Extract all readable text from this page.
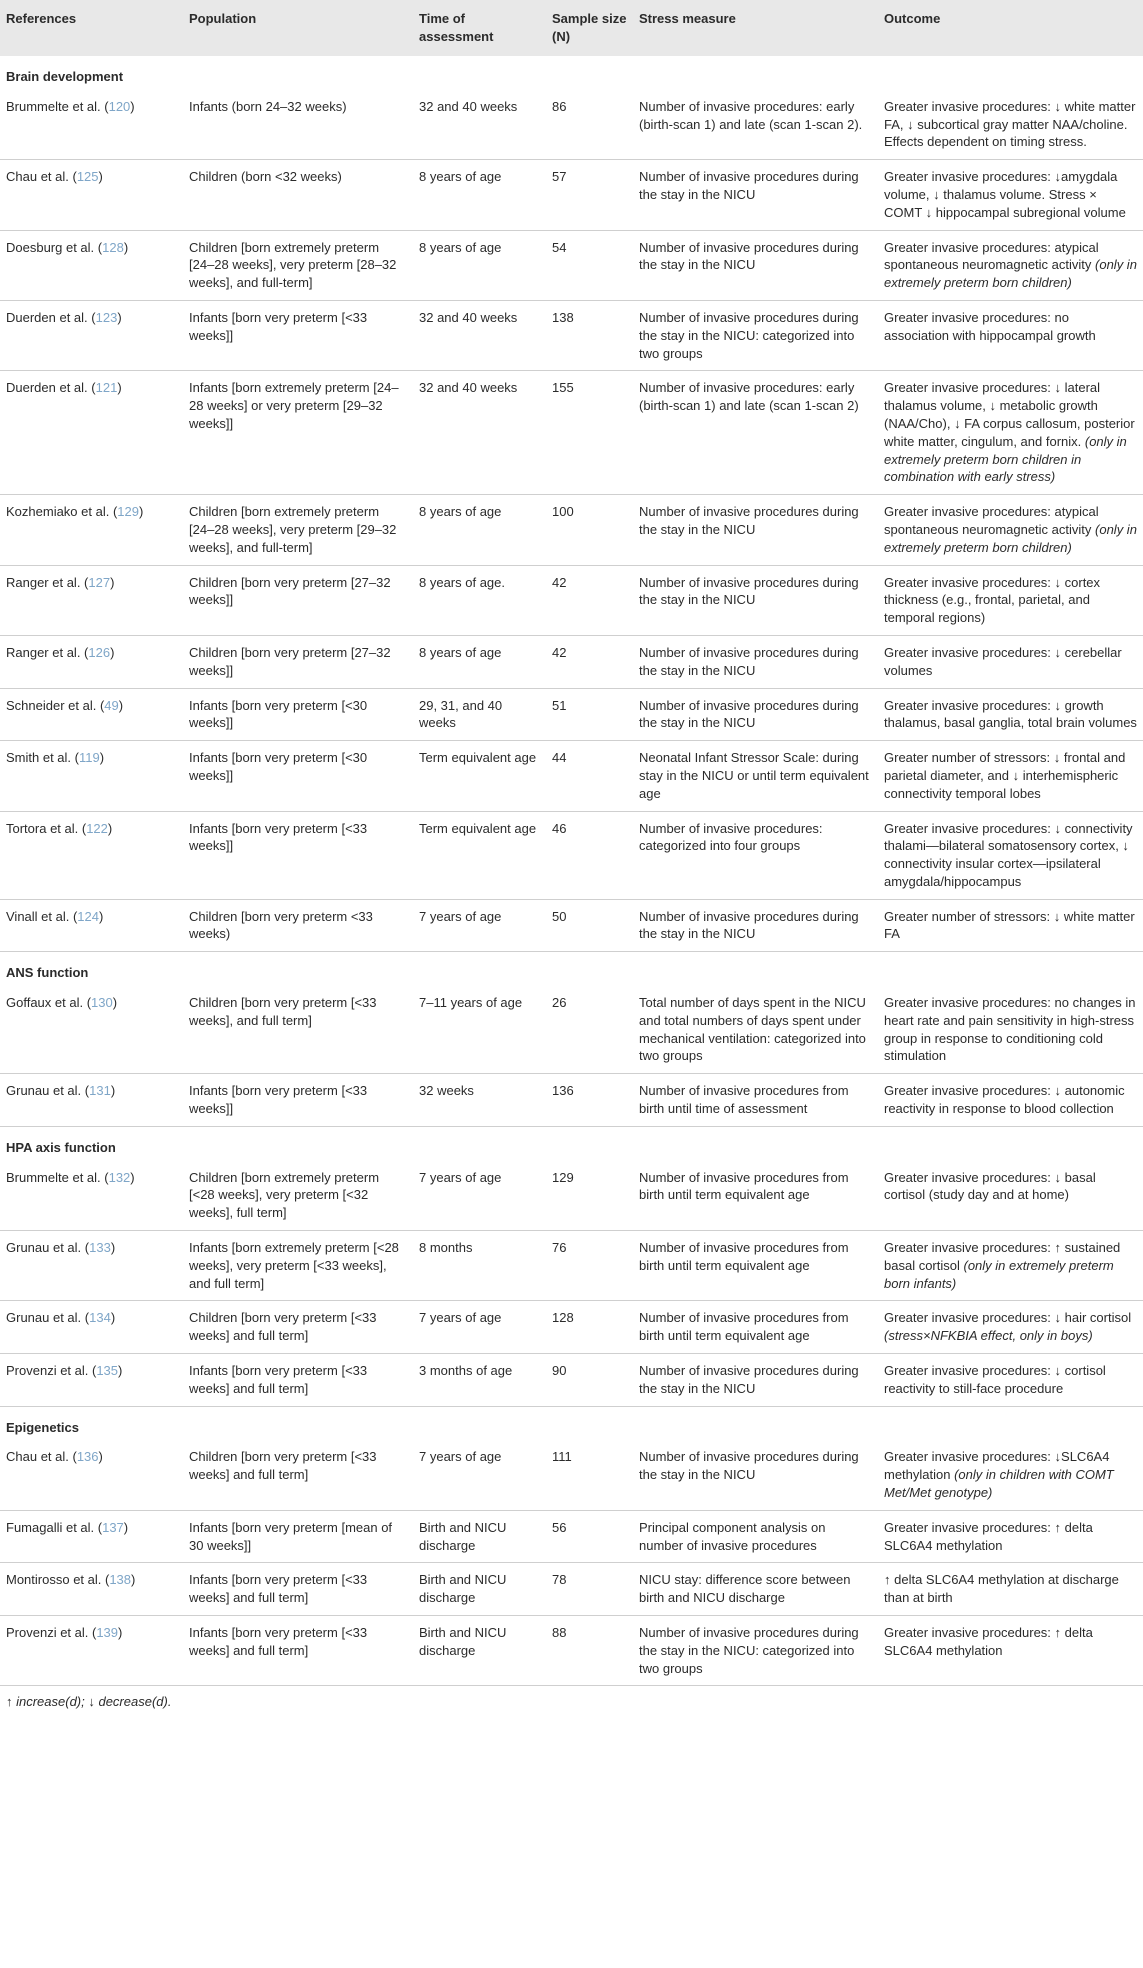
References	Population	Time of assessment	Sample size (N)	Stress measure	Outcome
Brain development					
Brummelte et al. (120)	Infants (born 24–32 weeks)	32 and 40 weeks	86	Number of invasive procedures: early (birth-scan 1) and late (scan 1-scan 2).	Greater invasive procedures: ↓ white matter FA, ↓ subcortical gray matter NAA/choline. Effects dependent on timing stress.
Chau et al. (125)	Children (born <32 weeks)	8 years of age	57	Number of invasive procedures during the stay in the NICU	Greater invasive procedures: ↓amygdala volume, ↓ thalamus volume. Stress × COMT ↓ hippocampal subregional volume
Doesburg et al. (128)	Children [born extremely preterm [24–28 weeks], very preterm [28–32 weeks], and full-term]	8 years of age	54	Number of invasive procedures during the stay in the NICU	Greater invasive procedures: atypical spontaneous neuromagnetic activity (only in extremely preterm born children)
Duerden et al. (123)	Infants [born very preterm [<33 weeks]]	32 and 40 weeks	138	Number of invasive procedures during the stay in the NICU: categorized into two groups	Greater invasive procedures: no association with hippocampal growth
Duerden et al. (121)	Infants [born extremely preterm [24–28 weeks] or very preterm [29–32 weeks]]	32 and 40 weeks	155	Number of invasive procedures: early (birth-scan 1) and late (scan 1-scan 2)	Greater invasive procedures: ↓ lateral thalamus volume, ↓ metabolic growth (NAA/Cho), ↓ FA corpus callosum, posterior white matter, cingulum, and fornix. (only in extremely preterm born children in combination with early stress)
Kozhemiako et al. (129)	Children [born extremely preterm [24–28 weeks], very preterm [29–32 weeks], and full-term]	8 years of age	100	Number of invasive procedures during the stay in the NICU	Greater invasive procedures: atypical spontaneous neuromagnetic activity (only in extremely preterm born children)
Ranger et al. (127)	Children [born very preterm [27–32 weeks]]	8 years of age.	42	Number of invasive procedures during the stay in the NICU	Greater invasive procedures: ↓ cortex thickness (e.g., frontal, parietal, and temporal regions)
Ranger et al. (126)	Children [born very preterm [27–32 weeks]]	8 years of age	42	Number of invasive procedures during the stay in the NICU	Greater invasive procedures: ↓ cerebellar volumes
Schneider et al. (49)	Infants [born very preterm [<30 weeks]]	29, 31, and 40 weeks	51	Number of invasive procedures during the stay in the NICU	Greater invasive procedures: ↓ growth thalamus, basal ganglia, total brain volumes
Smith et al. (119)	Infants [born very preterm [<30 weeks]]	Term equivalent age	44	Neonatal Infant Stressor Scale: during stay in the NICU or until term equivalent age	Greater number of stressors: ↓ frontal and parietal diameter, and ↓ interhemispheric connectivity temporal lobes
Tortora et al. (122)	Infants [born very preterm [<33 weeks]]	Term equivalent age	46	Number of invasive procedures: categorized into four groups	Greater invasive procedures: ↓ connectivity thalami—bilateral somatosensory cortex, ↓ connectivity insular cortex—ipsilateral amygdala/hippocampus
Vinall et al. (124)	Children [born very preterm <33 weeks)	7 years of age	50	Number of invasive procedures during the stay in the NICU	Greater number of stressors: ↓ white matter FA
ANS function					
Goffaux et al. (130)	Children [born very preterm [<33 weeks], and full term]	7–11 years of age	26	Total number of days spent in the NICU and total numbers of days spent under mechanical ventilation: categorized into two groups	Greater invasive procedures: no changes in heart rate and pain sensitivity in high-stress group in response to conditioning cold stimulation
Grunau et al. (131)	Infants [born very preterm [<33 weeks]]	32 weeks	136	Number of invasive procedures from birth until time of assessment	Greater invasive procedures: ↓ autonomic reactivity in response to blood collection
HPA axis function					
Brummelte et al. (132)	Children [born extremely preterm [<28 weeks], very preterm [<32 weeks], full term]	7 years of age	129	Number of invasive procedures from birth until term equivalent age	Greater invasive procedures: ↓ basal cortisol (study day and at home)
Grunau et al. (133)	Infants [born extremely preterm [<28 weeks], very preterm [<33 weeks], and full term]	8 months	76	Number of invasive procedures from birth until term equivalent age	Greater invasive procedures: ↑ sustained basal cortisol (only in extremely preterm born infants)
Grunau et al. (134)	Children [born very preterm [<33 weeks] and full term]	7 years of age	128	Number of invasive procedures from birth until term equivalent age	Greater invasive procedures: ↓ hair cortisol (stress×NFKBIA effect, only in boys)
Provenzi et al. (135)	Infants [born very preterm [<33 weeks] and full term]	3 months of age	90	Number of invasive procedures during the stay in the NICU	Greater invasive procedures: ↓ cortisol reactivity to still-face procedure
Epigenetics					
Chau et al. (136)	Children [born very preterm [<33 weeks] and full term]	7 years of age	111	Number of invasive procedures during the stay in the NICU	Greater invasive procedures: ↓SLC6A4 methylation (only in children with COMT Met/Met genotype)
Fumagalli et al. (137)	Infants [born very preterm [mean of 30 weeks]]	Birth and NICU discharge	56	Principal component analysis on number of invasive procedures	Greater invasive procedures: ↑ delta SLC6A4 methylation
Montirosso et al. (138)	Infants [born very preterm [<33 weeks] and full term]	Birth and NICU discharge	78	NICU stay: difference score between birth and NICU discharge	↑ delta SLC6A4 methylation at discharge than at birth
Provenzi et al. (139)	Infants [born very preterm [<33 weeks] and full term]	Birth and NICU discharge	88	Number of invasive procedures during the stay in the NICU: categorized into two groups	Greater invasive procedures: ↑ delta SLC6A4 methylation
↑ increase(d); ↓ decrease(d).
